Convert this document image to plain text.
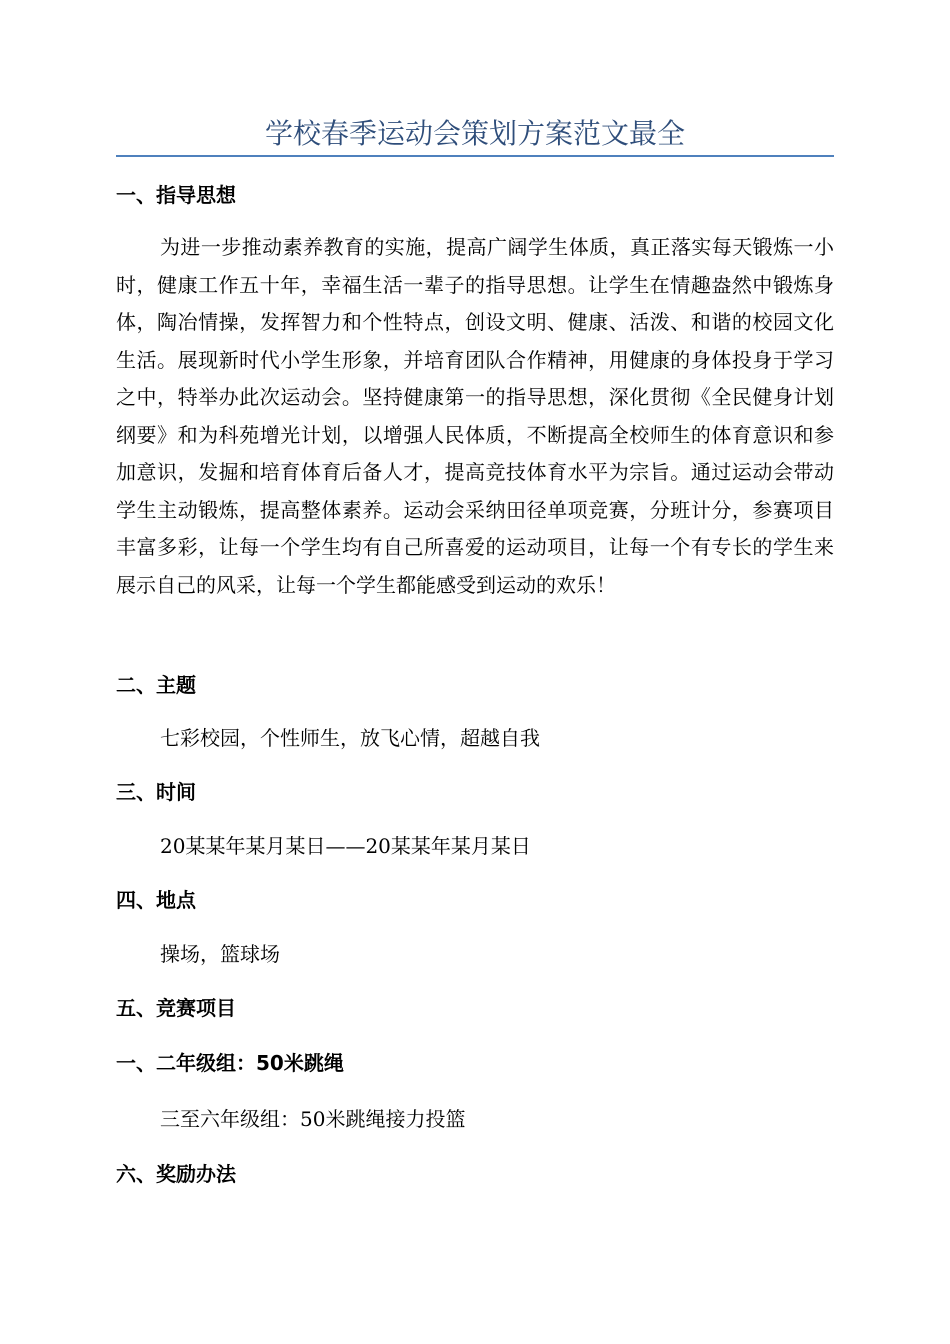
学校春季运动会策划方案范文最全
一、指导思想

为进一步推动素养教育的实施，提高广阔学生体质，真正落实每天锻炼一小时，健康工作五十年，幸福生活一辈子的指导思想。让学生在情趣盎然中锻炼身体，陶冶情操，发挥智力和个性特点，创设文明、健康、活泼、和谐的校园文化生活。展现新时代小学生形象，并培育团队合作精神，用健康的身体投身于学习之中，特举办此次运动会。坚持健康第一的指导思想，深化贯彻《全民健身计划纲要》和为科苑增光计划，以增强人民体质，不断提高全校师生的体育意识和参加意识，发掘和培育体育后备人才，提高竞技体育水平为宗旨。通过运动会带动学生主动锻炼，提高整体素养。运动会采纳田径单项竞赛，分班计分，参赛项目丰富多彩，让每一个学生均有自己所喜爱的运动项目，让每一个有专长的学生来展示自己的风采，让每一个学生都能感受到运动的欢乐！

二、主题

七彩校园，个性师生，放飞心情，超越自我

三、时间

20某某年某月某日——20某某年某月某日

四、地点

操场，篮球场

五、竞赛项目
一、二年级组：50米跳绳

三至六年级组：50米跳绳接力投篮

六、奖励办法
